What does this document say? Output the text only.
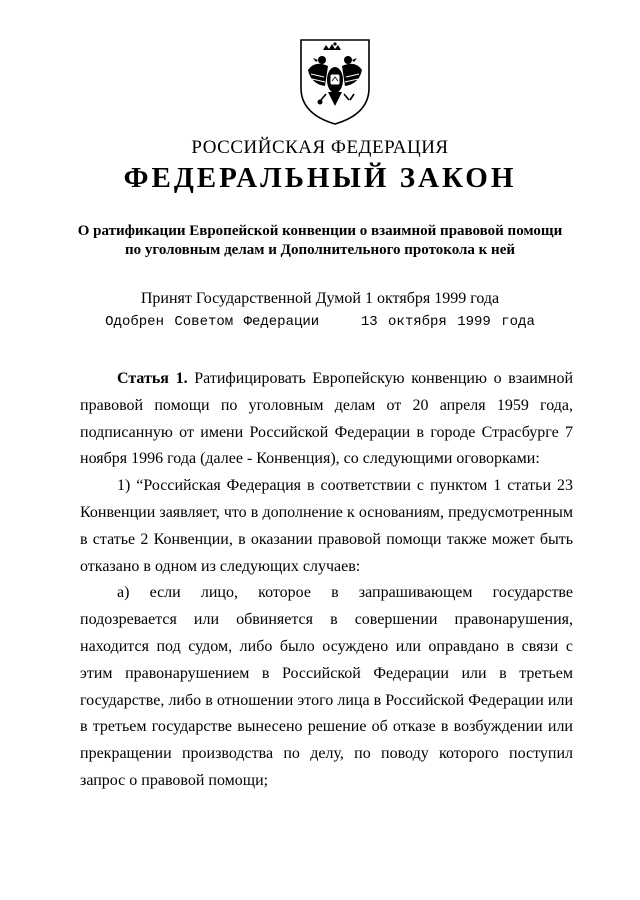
РОССИЙСКАЯ ФЕДЕРАЦИЯ
ФЕДЕРАЛЬНЫЙ ЗАКОН
О ратификации Европейской конвенции о взаимной правовой помощи
по уголовным делам и Дополнительного протокола к ней
Принят Государственной Думой 1 октября 1999 года
Одобрен Советом Федерации	13 октября 1999 года

Статья 1. Ратифицировать Европейскую конвенцию о взаимной правовой помощи по уголовным делам от 20 апреля 1959 года, подписанную от имени Российской Федерации в городе Страсбурге 7 ноября 1996 года (далее - Конвенция), со следующими оговорками:

1) “Российская Федерация в соответствии с пунктом 1 статьи 23 Конвенции заявляет, что в дополнение к основаниям, предусмотренным в статье 2 Конвенции, в оказании правовой помощи также может быть отказано в одном из следующих случаев:

а) если лицо, которое в запрашивающем государстве подозревается или обвиняется в совершении правонарушения, находится под судом, либо было осуждено или оправдано в связи с этим правонарушением в Российской Федерации или в третьем государстве, либо в отношении этого лица в Российской Федерации или в третьем государстве вынесено решение об отказе в возбуждении или прекращении производства по делу, по поводу которого поступил запрос о правовой помощи;
